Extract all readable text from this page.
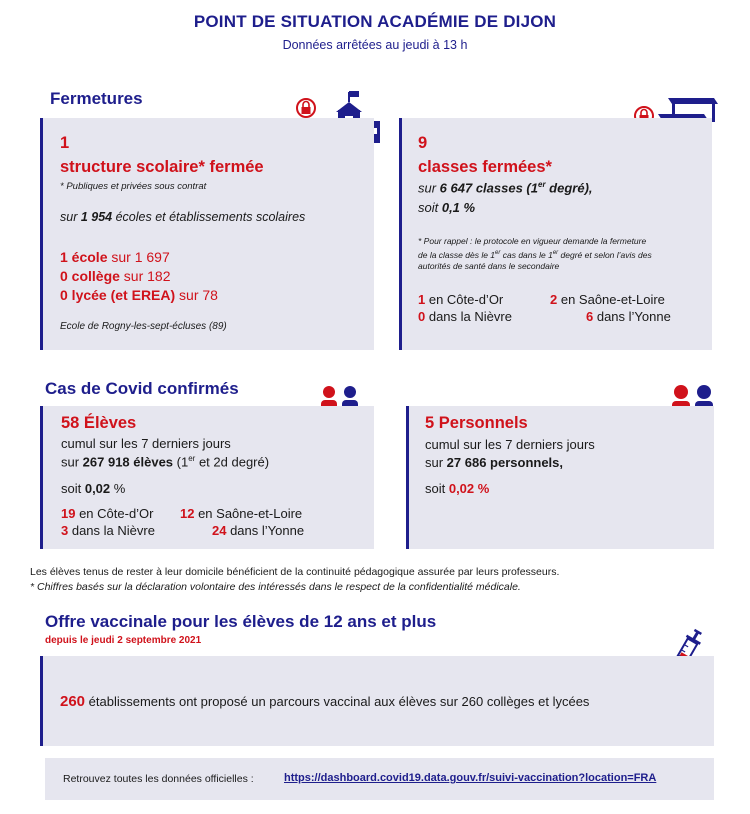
POINT DE SITUATION ACADÉMIE DE DIJON
Données arrêtées au jeudi à 13 h
Fermetures
1
structure scolaire* fermée
* Publiques et privées sous contrat
sur 1 954 écoles et établissements scolaires
1 école sur 1 697
0 collège sur 182
0 lycée (et EREA) sur 78
Ecole de Rogny-les-sept-écluses (89)
9
classes fermées*
sur 6 647 classes (1er degré),
soit 0,1 %
* Pour rappel : le protocole en vigueur demande la fermeture
de la classe dès le 1er cas dans le 1er degré et selon l’avis des
autorités de santé dans le secondaire
1 en Côte-d’Or	2 en Saône-et-Loire
0 dans la Nièvre	6 dans l’Yonne
Cas de Covid confirmés
58 Élèves
cumul sur les 7 derniers jours
sur 267 918 élèves (1er et 2d degré)
soit 0,02 %
19 en Côte-d’Or 12 en Saône-et-Loire
3 dans la Nièvre	24 dans l’Yonne
5 Personnels
cumul sur les 7 derniers jours
sur 27 686 personnels,
soit 0,02 %
Les élèves tenus de rester à leur domicile bénéficient de la continuité pédagogique assurée par leurs professeurs.
* Chiffres basés sur la déclaration volontaire des intéressés dans le respect de la confidentialité médicale.
Offre vaccinale pour les élèves de 12 ans et plus
depuis le jeudi 2 septembre 2021
260 établissements ont proposé un parcours vaccinal aux élèves sur 260 collèges et lycées
Retrouvez toutes les données officielles :	https://dashboard.covid19.data.gouv.fr/suivi-vaccination?location=FRA
